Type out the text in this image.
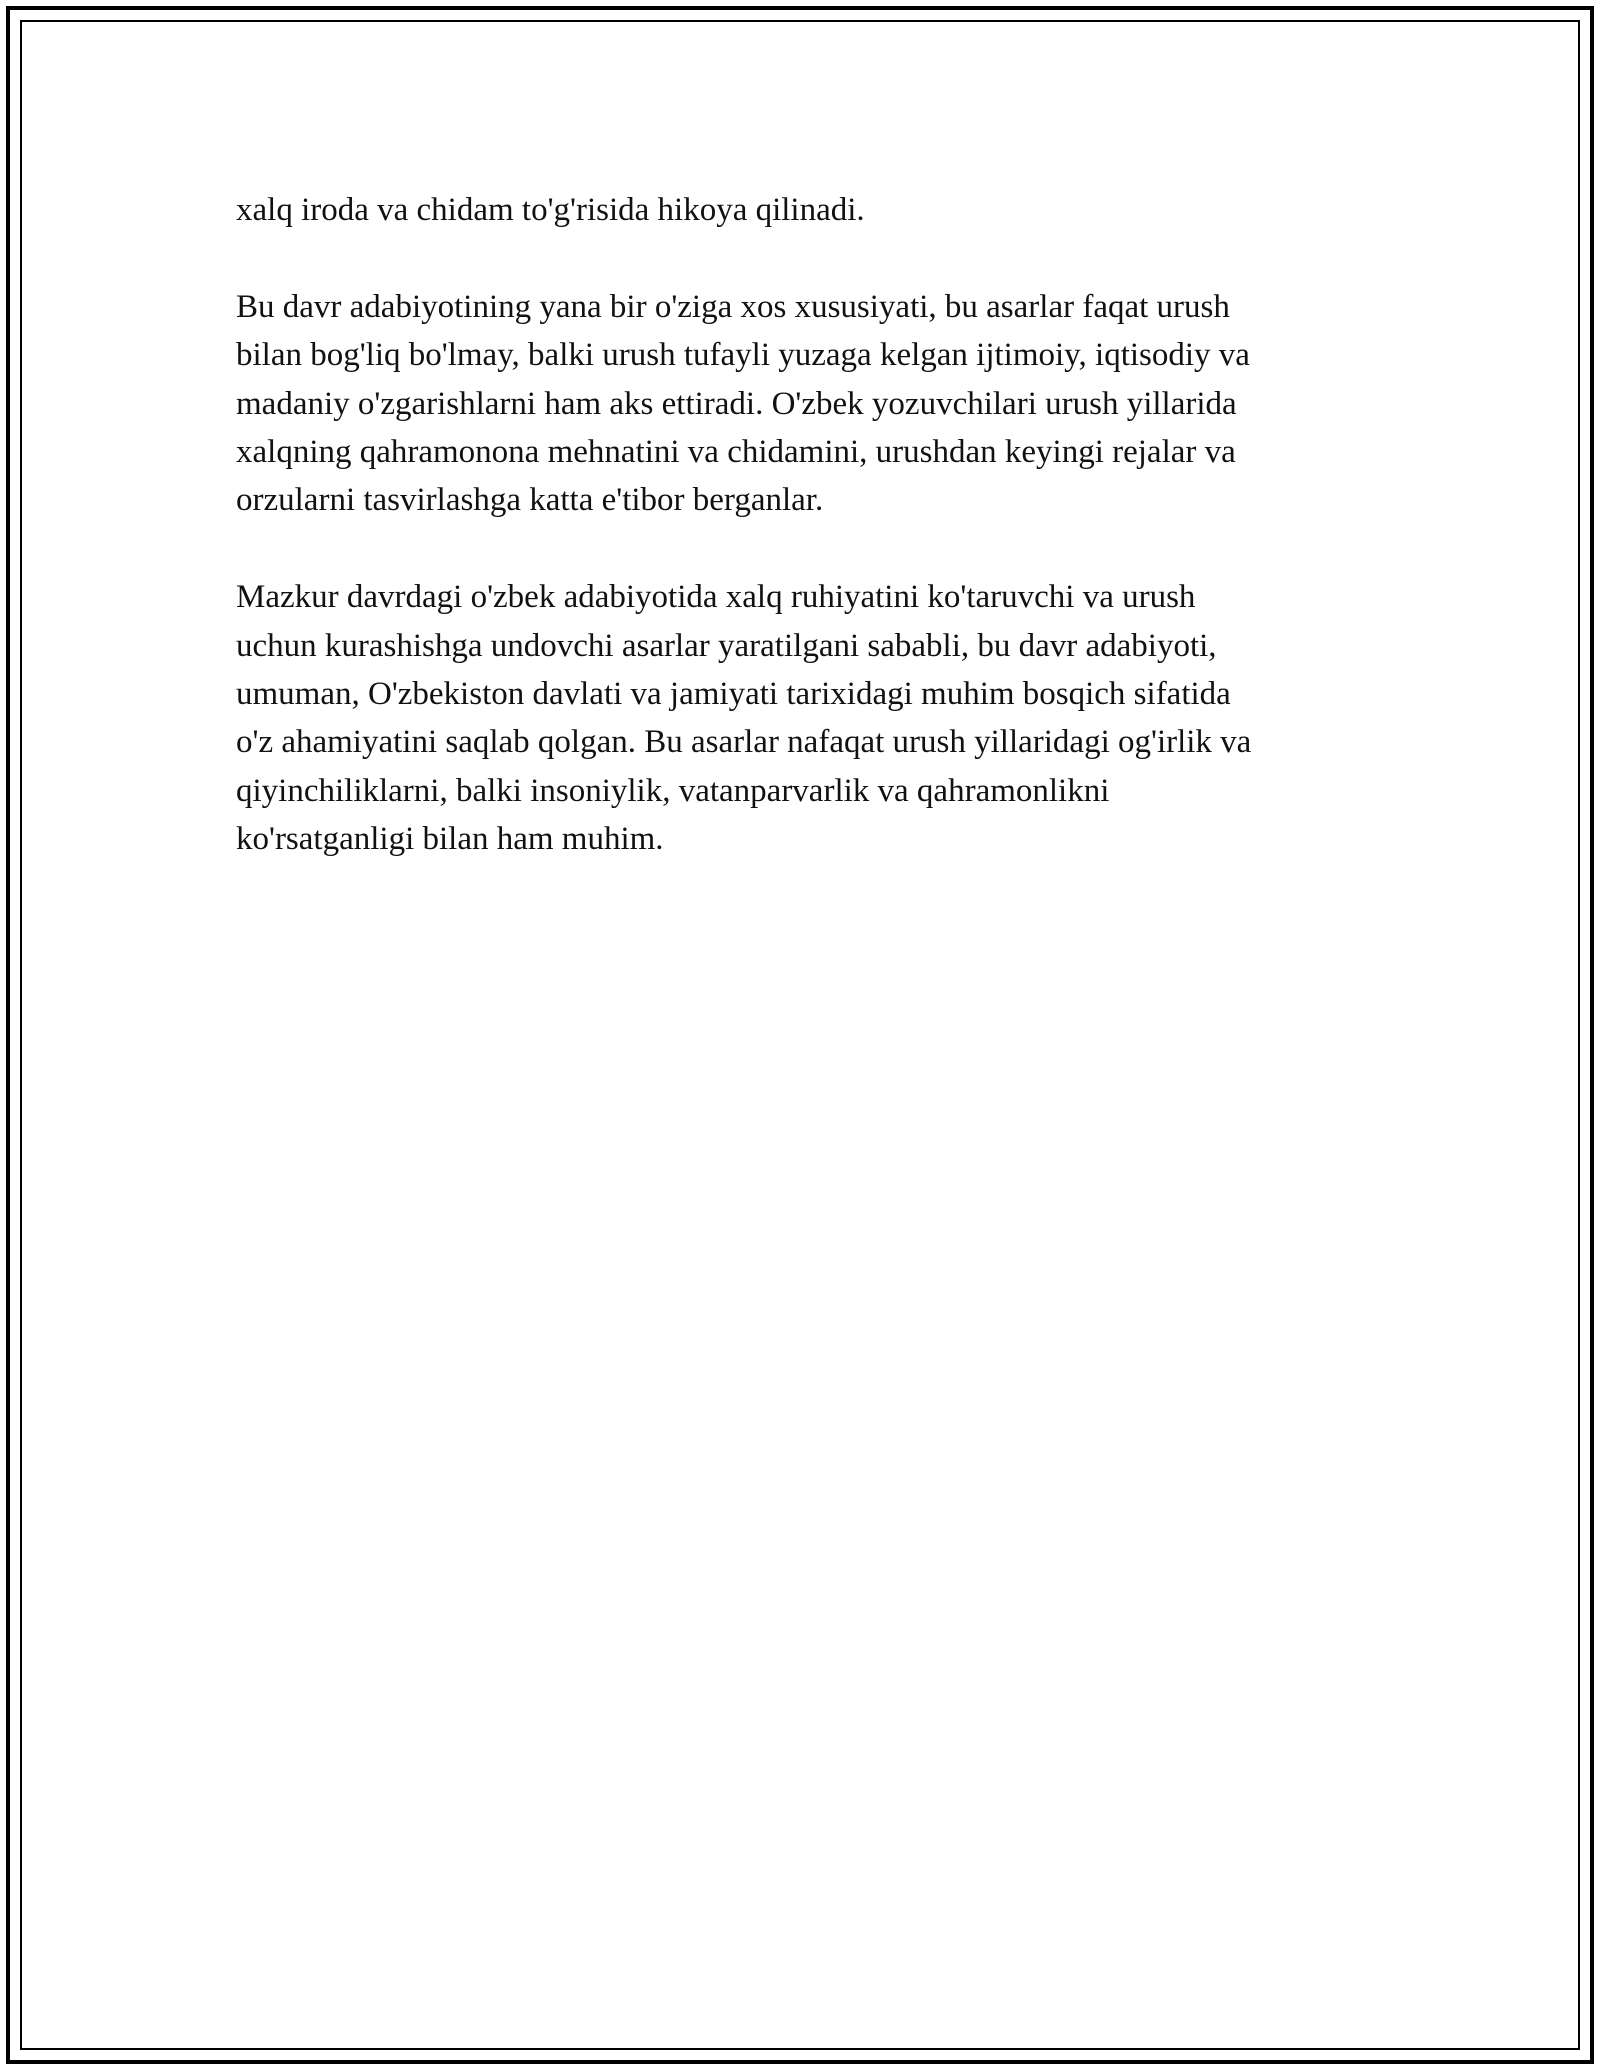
xalq iroda va chidam to'g'risida hikoya qilinadi.

Bu davr adabiyotining yana bir o'ziga xos xususiyati, bu asarlar faqat urush
bilan bog'liq bo'lmay, balki urush tufayli yuzaga kelgan ijtimoiy, iqtisodiy va
madaniy o'zgarishlarni ham aks ettiradi. O'zbek yozuvchilari urush yillarida
xalqning qahramonona mehnatini va chidamini, urushdan keyingi rejalar va
orzularni tasvirlashga katta e'tibor berganlar.

Mazkur davrdagi o'zbek adabiyotida xalq ruhiyatini ko'taruvchi va urush
uchun kurashishga undovchi asarlar yaratilgani sababli, bu davr adabiyoti,
umuman, O'zbekiston davlati va jamiyati tarixidagi muhim bosqich sifatida
o'z ahamiyatini saqlab qolgan. Bu asarlar nafaqat urush yillaridagi og'irlik va
qiyinchiliklarni, balki insoniylik, vatanparvarlik va qahramonlikni
ko'rsatganligi bilan ham muhim.
